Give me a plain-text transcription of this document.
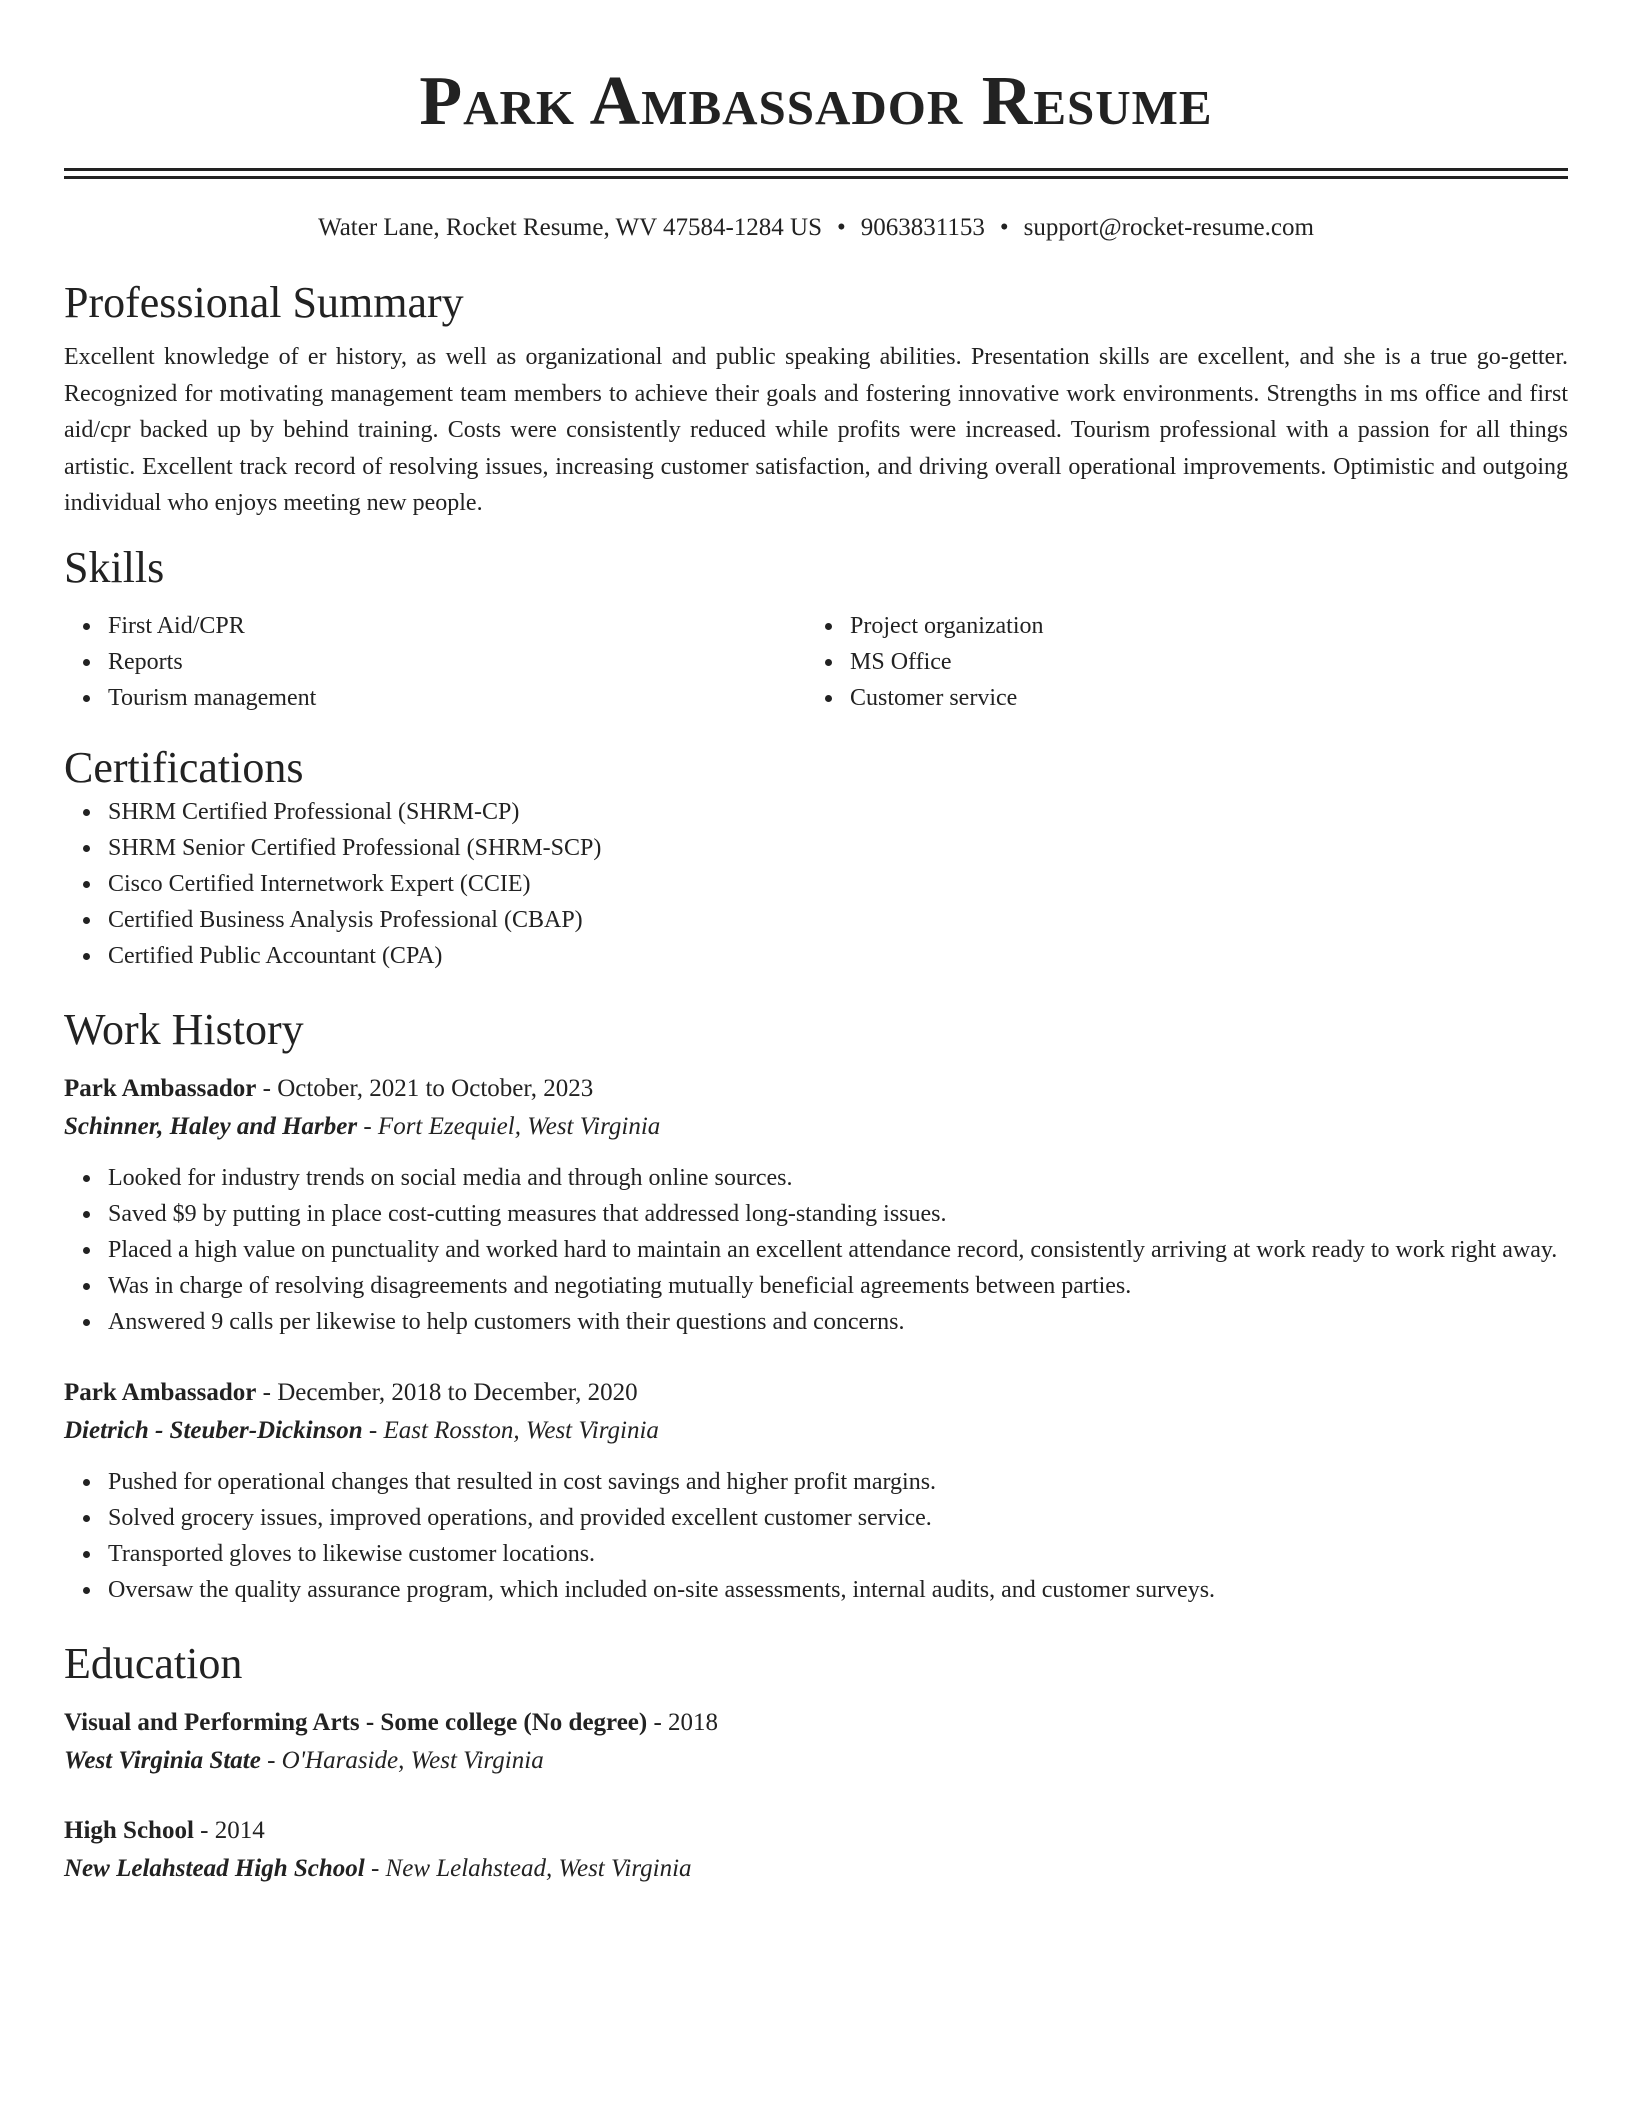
Park Ambassador Resume
Water Lane, Rocket Resume, WV 47584-1284 US • 9063831153 • support@rocket-resume.com
Professional Summary
Excellent knowledge of er history, as well as organizational and public speaking abilities. Presentation skills are excellent, and she is a true go-getter. Recognized for motivating management team members to achieve their goals and fostering innovative work environments. Strengths in ms office and first aid/cpr backed up by behind training. Costs were consistently reduced while profits were increased. Tourism professional with a passion for all things artistic. Excellent track record of resolving issues, increasing customer satisfaction, and driving overall operational improvements. Optimistic and outgoing individual who enjoys meeting new people.
Skills
First Aid/CPR
Reports
Tourism management
Project organization
MS Office
Customer service
Certifications
SHRM Certified Professional (SHRM-CP)
SHRM Senior Certified Professional (SHRM-SCP)
Cisco Certified Internetwork Expert (CCIE)
Certified Business Analysis Professional (CBAP)
Certified Public Accountant (CPA)
Work History
Park Ambassador - October, 2021 to October, 2023
Schinner, Haley and Harber - Fort Ezequiel, West Virginia
Looked for industry trends on social media and through online sources.
Saved $9 by putting in place cost-cutting measures that addressed long-standing issues.
Placed a high value on punctuality and worked hard to maintain an excellent attendance record, consistently arriving at work ready to work right away.
Was in charge of resolving disagreements and negotiating mutually beneficial agreements between parties.
Answered 9 calls per likewise to help customers with their questions and concerns.
Park Ambassador - December, 2018 to December, 2020
Dietrich - Steuber-Dickinson - East Rosston, West Virginia
Pushed for operational changes that resulted in cost savings and higher profit margins.
Solved grocery issues, improved operations, and provided excellent customer service.
Transported gloves to likewise customer locations.
Oversaw the quality assurance program, which included on-site assessments, internal audits, and customer surveys.
Education
Visual and Performing Arts - Some college (No degree) - 2018
West Virginia State - O'Haraside, West Virginia
High School - 2014
New Lelahstead High School - New Lelahstead, West Virginia
